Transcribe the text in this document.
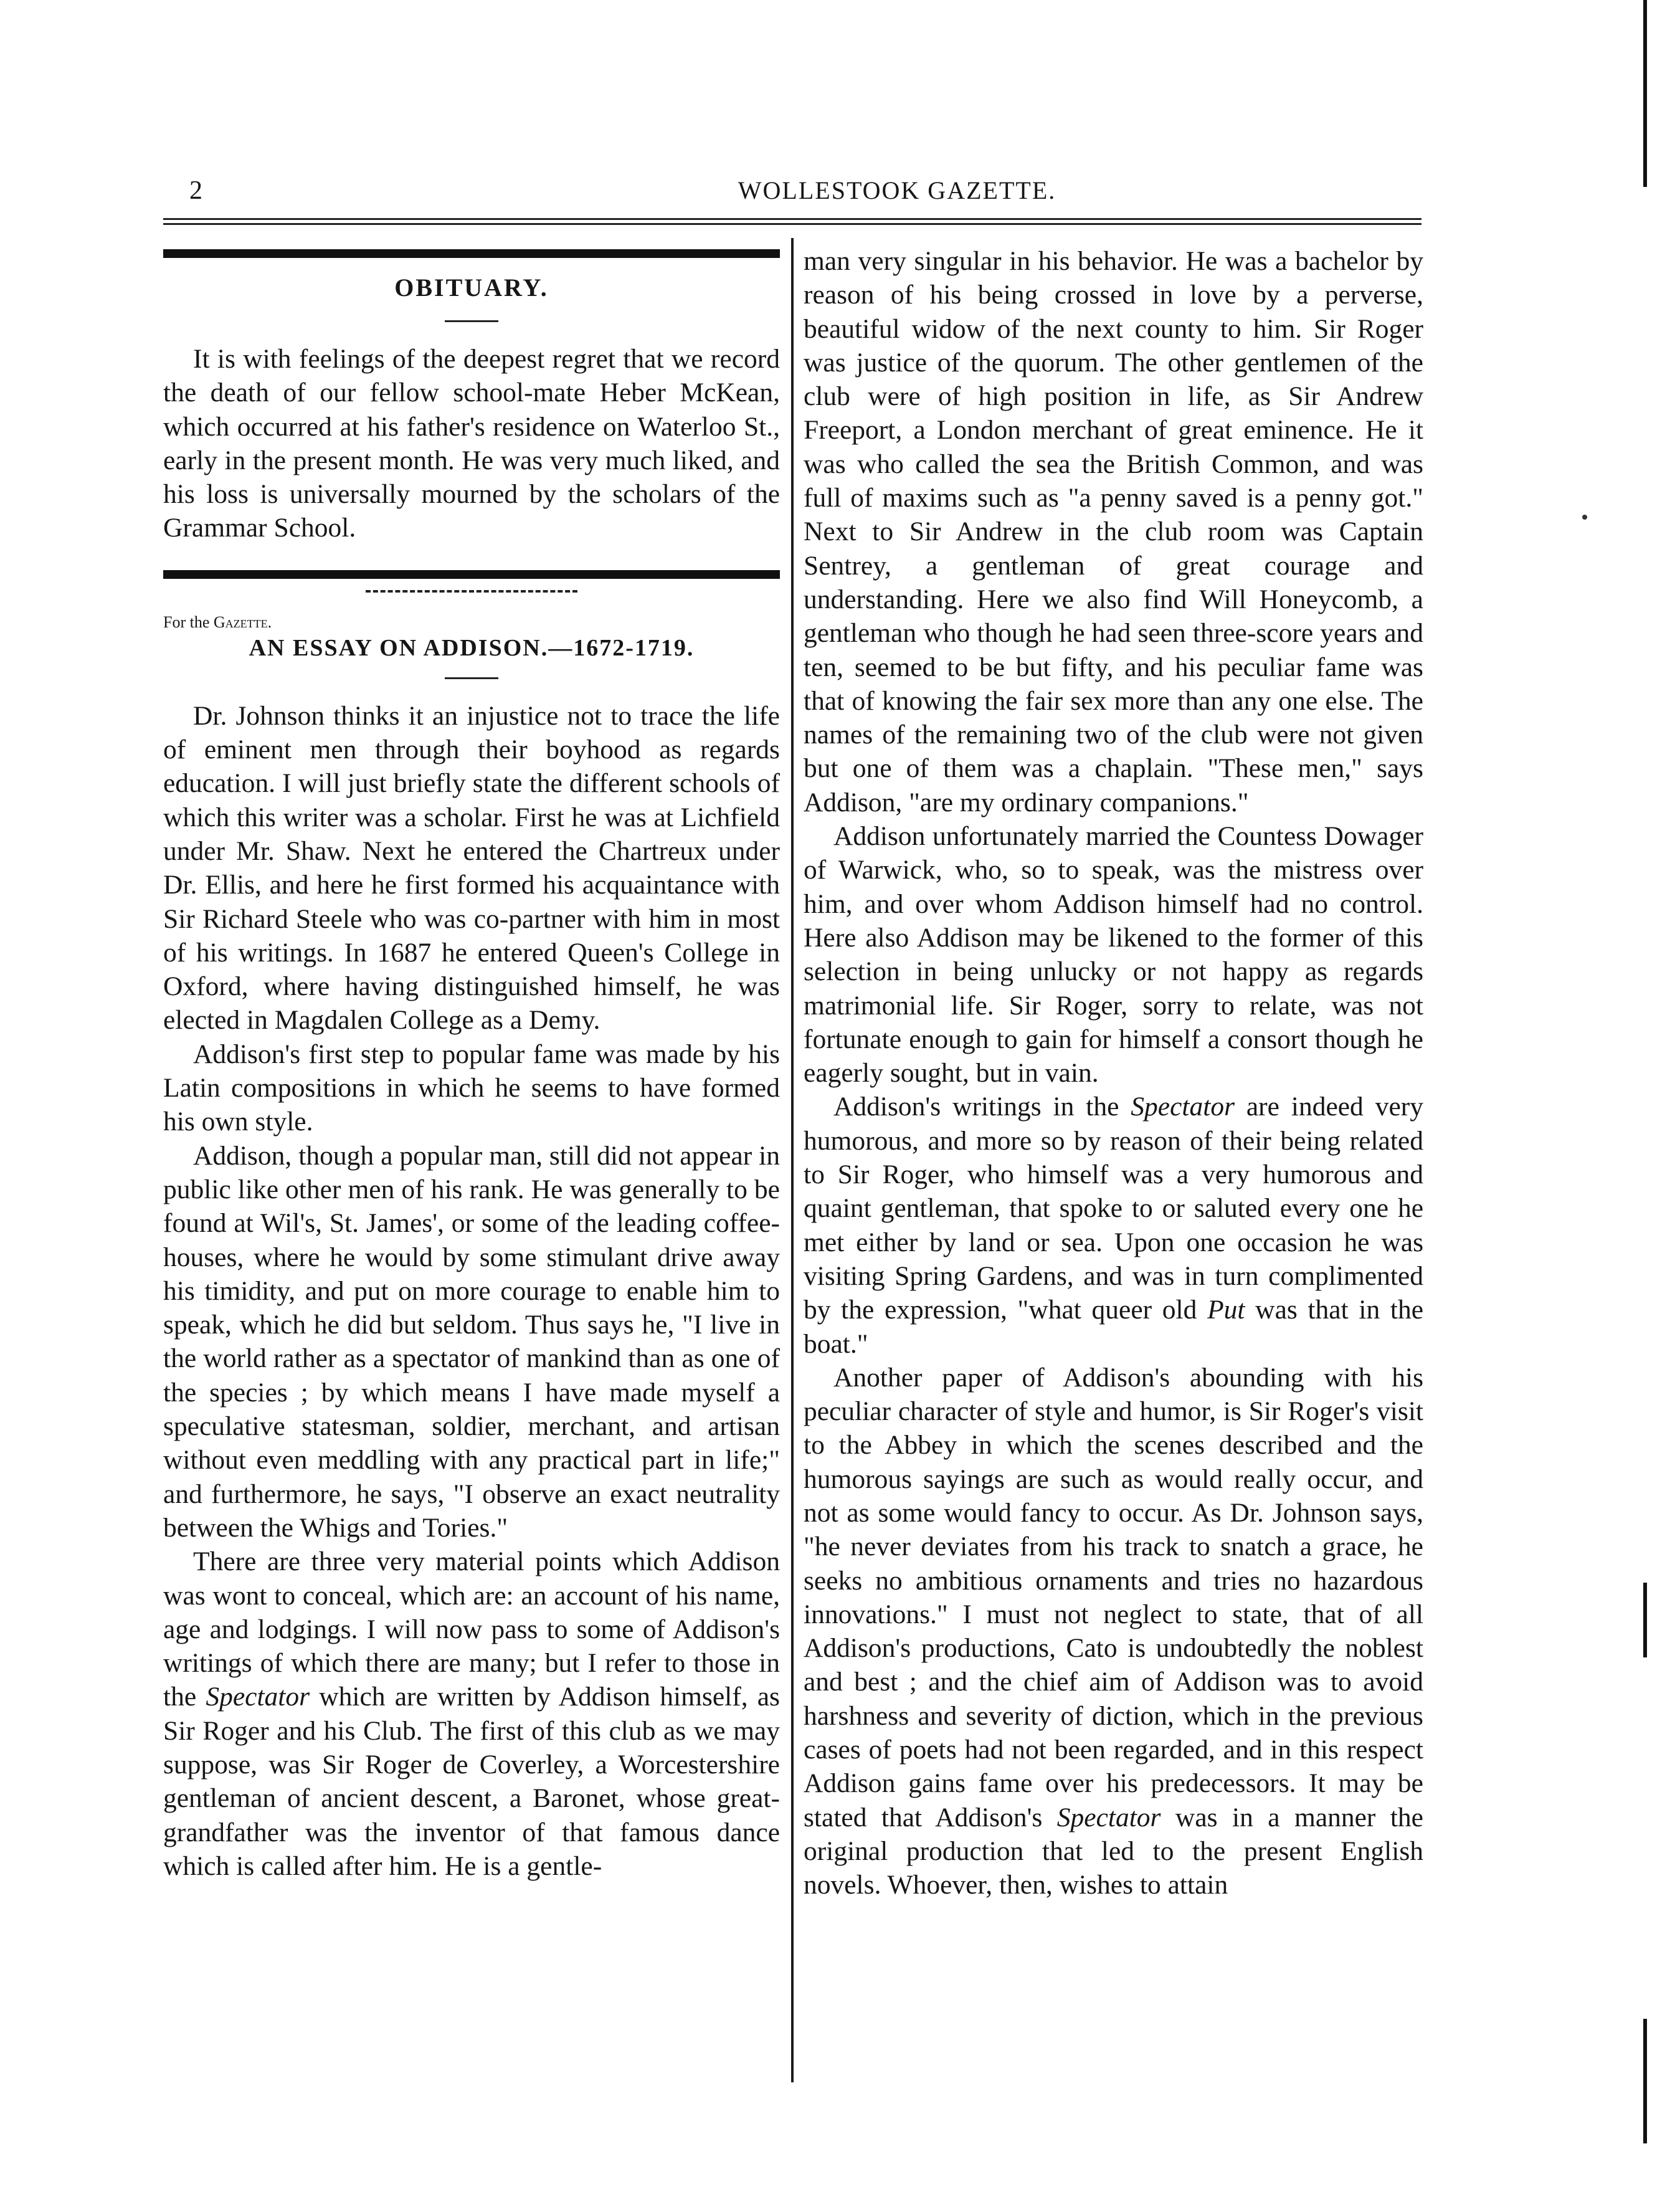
2	WOLLESTOOK GAZETTE.
OBITUARY.

It is with feelings of the deepest regret that we record the death of our fellow school-mate Heber McKean, which occurred at his father's residence on Waterloo St., early in the present month. He was very much liked, and his loss is universally mourned by the scholars of the Grammar School.

For the Gazette.

AN ESSAY ON ADDISON.—1672-1719.

Dr. Johnson thinks it an injustice not to trace the life of eminent men through their boyhood as regards education. I will just briefly state the different schools of which this writer was a scholar. First he was at Lichfield under Mr. Shaw. Next he entered the Chartreux under Dr. Ellis, and here he first formed his acquaintance with Sir Richard Steele who was co-partner with him in most of his writings. In 1687 he entered Queen's College in Oxford, where having distinguished himself, he was elected in Magdalen College as a Demy.

Addison's first step to popular fame was made by his Latin compositions in which he seems to have formed his own style.

Addison, though a popular man, still did not appear in public like other men of his rank. He was generally to be found at Wil's, St. James', or some of the leading coffee-houses, where he would by some stimulant drive away his timidity, and put on more courage to enable him to speak, which he did but seldom. Thus says he, "I live in the world rather as a spectator of mankind than as one of the species ; by which means I have made myself a speculative statesman, soldier, merchant, and artisan without even meddling with any practical part in life;" and furthermore, he says, "I observe an exact neutrality between the Whigs and Tories."

There are three very material points which Addison was wont to conceal, which are: an account of his name, age and lodgings. I will now pass to some of Addison's writings of which there are many; but I refer to those in the Spectator which are written by Addison himself, as Sir Roger and his Club. The first of this club as we may suppose, was Sir Roger de Coverley, a Worcestershire gentleman of ancient descent, a Baronet, whose great-grandfather was the inventor of that famous dance which is called after him. He is a gentle-

man very singular in his behavior. He was a bachelor by reason of his being crossed in love by a perverse, beautiful widow of the next county to him. Sir Roger was justice of the quorum. The other gentlemen of the club were of high position in life, as Sir Andrew Freeport, a London merchant of great eminence. He it was who called the sea the British Common, and was full of maxims such as "a penny saved is a penny got." Next to Sir Andrew in the club room was Captain Sentrey, a gentleman of great courage and understanding. Here we also find Will Honeycomb, a gentleman who though he had seen three-score years and ten, seemed to be but fifty, and his peculiar fame was that of knowing the fair sex more than any one else. The names of the remaining two of the club were not given but one of them was a chaplain. "These men," says Addison, "are my ordinary companions."

Addison unfortunately married the Countess Dowager of Warwick, who, so to speak, was the mistress over him, and over whom Addison himself had no control. Here also Addison may be likened to the former of this selection in being unlucky or not happy as regards matrimonial life. Sir Roger, sorry to relate, was not fortunate enough to gain for himself a consort though he eagerly sought, but in vain.

Addison's writings in the Spectator are indeed very humorous, and more so by reason of their being related to Sir Roger, who himself was a very humorous and quaint gentleman, that spoke to or saluted every one he met either by land or sea. Upon one occasion he was visiting Spring Gardens, and was in turn complimented by the expression, "what queer old Put was that in the boat."

Another paper of Addison's abounding with his peculiar character of style and humor, is Sir Roger's visit to the Abbey in which the scenes described and the humorous sayings are such as would really occur, and not as some would fancy to occur. As Dr. Johnson says, "he never deviates from his track to snatch a grace, he seeks no ambitious ornaments and tries no hazardous innovations." I must not neglect to state, that of all Addison's productions, Cato is undoubtedly the noblest and best ; and the chief aim of Addison was to avoid harshness and severity of diction, which in the previous cases of poets had not been regarded, and in this respect Addison gains fame over his predecessors. It may be stated that Addison's Spectator was in a manner the original production that led to the present English novels. Whoever, then, wishes to attain
